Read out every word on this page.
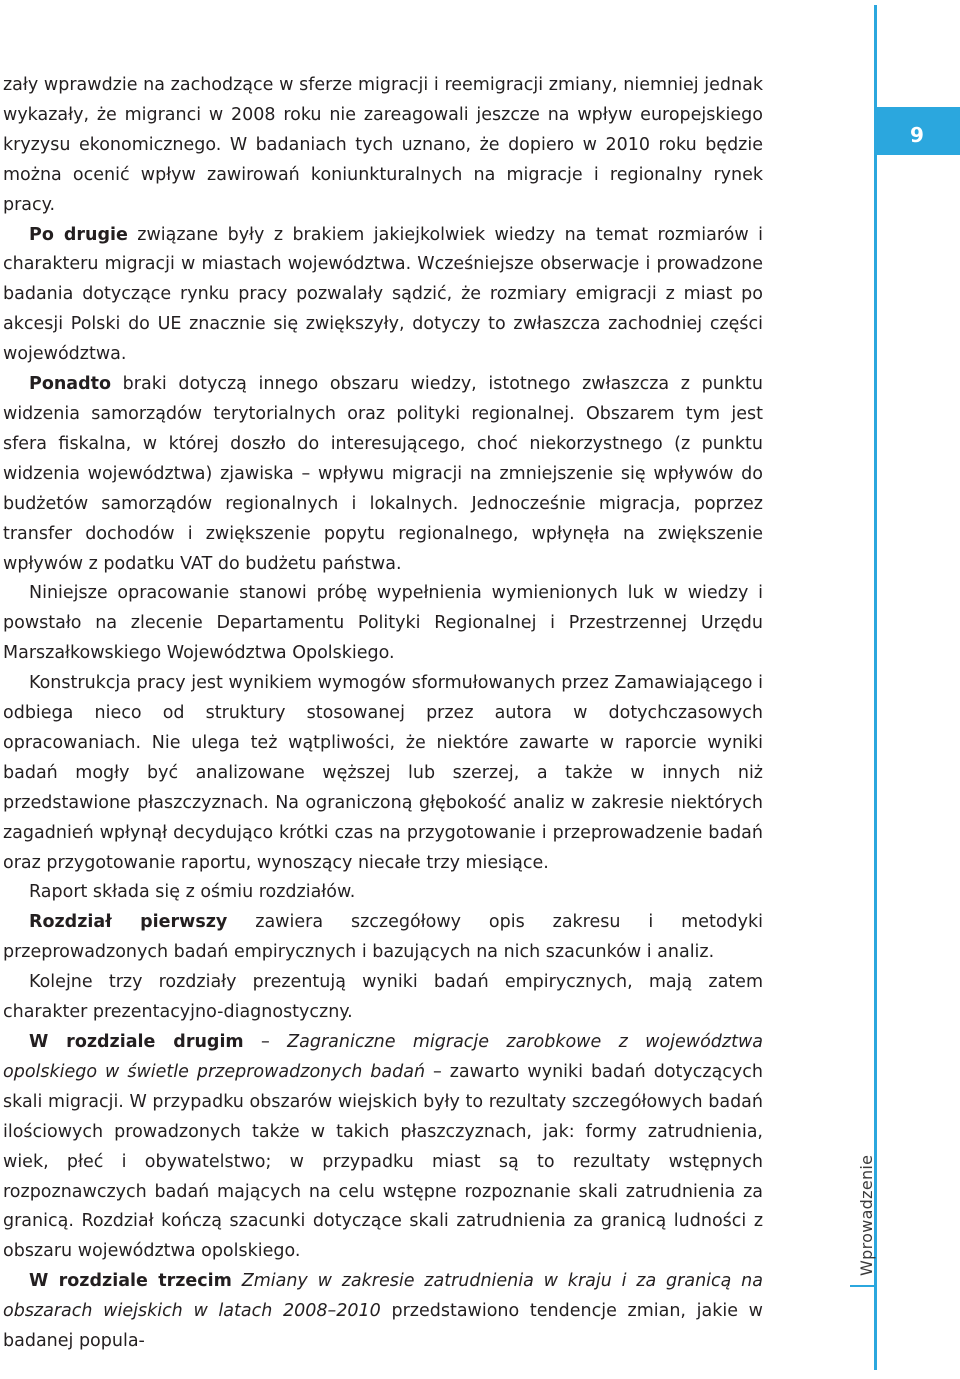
9
Wprowadzenie

zały wprawdzie na zachodzące w sferze migracji i reemigracji zmiany, niemniej jednak wykazały, że migranci w 2008 roku nie zareagowali jeszcze na wpływ europejskiego kryzysu ekonomicznego. W badaniach tych uznano, że dopiero w 2010 roku będzie można ocenić wpływ zawirowań koniunkturalnych na migracje i regionalny rynek pracy.

Po drugie związane były z brakiem jakiejkolwiek wiedzy na temat rozmiarów i charakteru migracji w miastach województwa. Wcześniejsze obserwacje i prowadzone badania dotyczące rynku pracy pozwalały sądzić, że rozmiary emigracji z miast po akcesji Polski do UE znacznie się zwiększyły, dotyczy to zwłaszcza zachodniej części województwa.

Ponadto braki dotyczą innego obszaru wiedzy, istotnego zwłaszcza z punktu widzenia samorządów terytorialnych oraz polityki regionalnej. Obszarem tym jest sfera fiskalna, w której doszło do interesującego, choć niekorzystnego (z punktu widzenia województwa) zjawiska – wpływu migracji na zmniejszenie się wpływów do budżetów samorządów regionalnych i lokalnych. Jednocześnie migracja, poprzez transfer dochodów i zwiększenie popytu regionalnego, wpłynęła na zwiększenie wpływów z podatku VAT do budżetu państwa.

Niniejsze opracowanie stanowi próbę wypełnienia wymienionych luk w wiedzy i powstało na zlecenie Departamentu Polityki Regionalnej i Przestrzennej Urzędu Marszałkowskiego Województwa Opolskiego.

Konstrukcja pracy jest wynikiem wymogów sformułowanych przez Zamawiającego i odbiega nieco od struktury stosowanej przez autora w dotychczasowych opracowaniach. Nie ulega też wątpliwości, że niektóre zawarte w raporcie wyniki badań mogły być analizowane węższej lub szerzej, a także w innych niż przedstawione płaszczyznach. Na ograniczoną głębokość analiz w zakresie niektórych zagadnień wpłynął decydująco krótki czas na przygotowanie i przeprowadzenie badań oraz przygotowanie raportu, wynoszący niecałe trzy miesiące.

Raport składa się z ośmiu rozdziałów.

Rozdział pierwszy zawiera szczegółowy opis zakresu i metodyki przeprowadzonych badań empirycznych i bazujących na nich szacunków i analiz.

Kolejne trzy rozdziały prezentują wyniki badań empirycznych, mają zatem charakter prezentacyjno-diagnostyczny.

W rozdziale drugim – Zagraniczne migracje zarobkowe z województwa opolskiego w świetle przeprowadzonych badań – zawarto wyniki badań dotyczących skali migracji. W przypadku obszarów wiejskich były to rezultaty szczegółowych badań ilościowych prowadzonych także w takich płaszczyznach, jak: formy zatrudnienia, wiek, płeć i obywatelstwo; w przypadku miast są to rezultaty wstępnych rozpoznawczych badań mających na celu wstępne rozpoznanie skali zatrudnienia za granicą. Rozdział kończą szacunki dotyczące skali zatrudnienia za granicą ludności z obszaru województwa opolskiego.

W rozdziale trzecim Zmiany w zakresie zatrudnienia w kraju i za granicą na obszarach wiejskich w latach 2008–2010 przedstawiono tendencje zmian, jakie w badanej popula-
